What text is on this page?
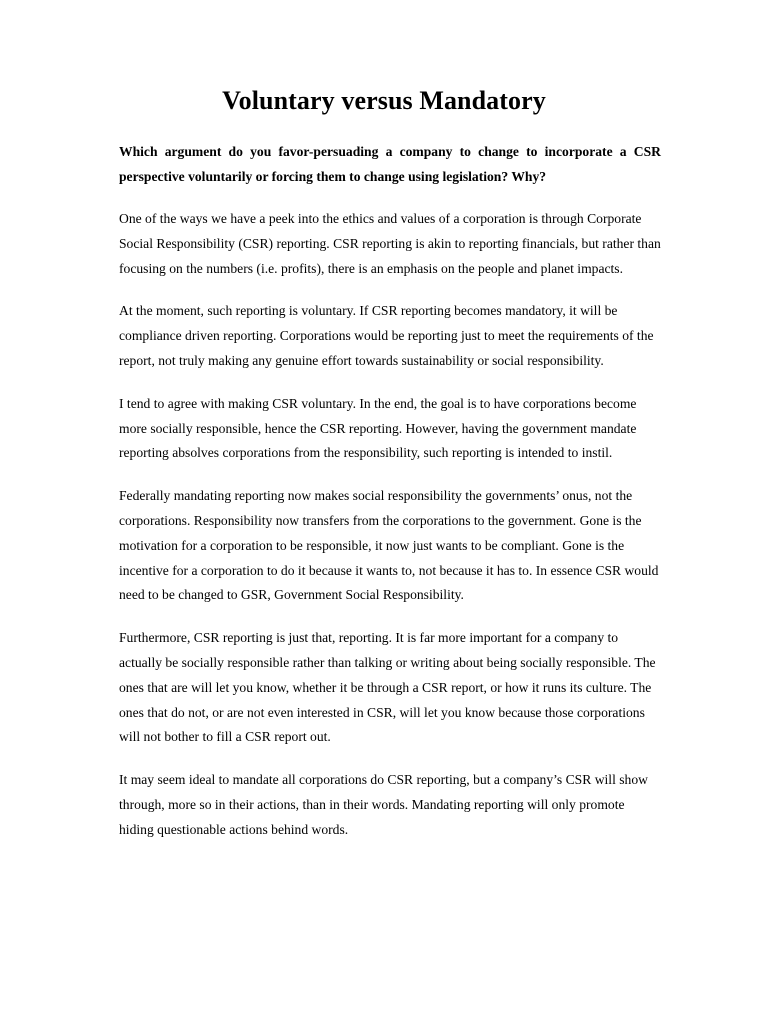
Voluntary versus Mandatory

Which argument do you favor-persuading a company to change to incorporate a CSR perspective voluntarily or forcing them to change using legislation? Why?

One of the ways we have a peek into the ethics and values of a corporation is through Corporate Social Responsibility (CSR) reporting. CSR reporting is akin to reporting financials, but rather than focusing on the numbers (i.e. profits), there is an emphasis on the people and planet impacts.

At the moment, such reporting is voluntary. If CSR reporting becomes mandatory, it will be compliance driven reporting. Corporations would be reporting just to meet the requirements of the report, not truly making any genuine effort towards sustainability or social responsibility.

I tend to agree with making CSR voluntary. In the end, the goal is to have corporations become more socially responsible, hence the CSR reporting. However, having the government mandate reporting absolves corporations from the responsibility, such reporting is intended to instil.

Federally mandating reporting now makes social responsibility the governments’ onus, not the corporations. Responsibility now transfers from the corporations to the government. Gone is the motivation for a corporation to be responsible, it now just wants to be compliant. Gone is the incentive for a corporation to do it because it wants to, not because it has to. In essence CSR would need to be changed to GSR, Government Social Responsibility.

Furthermore, CSR reporting is just that, reporting. It is far more important for a company to actually be socially responsible rather than talking or writing about being socially responsible. The ones that are will let you know, whether it be through a CSR report, or how it runs its culture. The ones that do not, or are not even interested in CSR, will let you know because those corporations will not bother to fill a CSR report out.

It may seem ideal to mandate all corporations do CSR reporting, but a company’s CSR will show through, more so in their actions, than in their words. Mandating reporting will only promote hiding questionable actions behind words.
